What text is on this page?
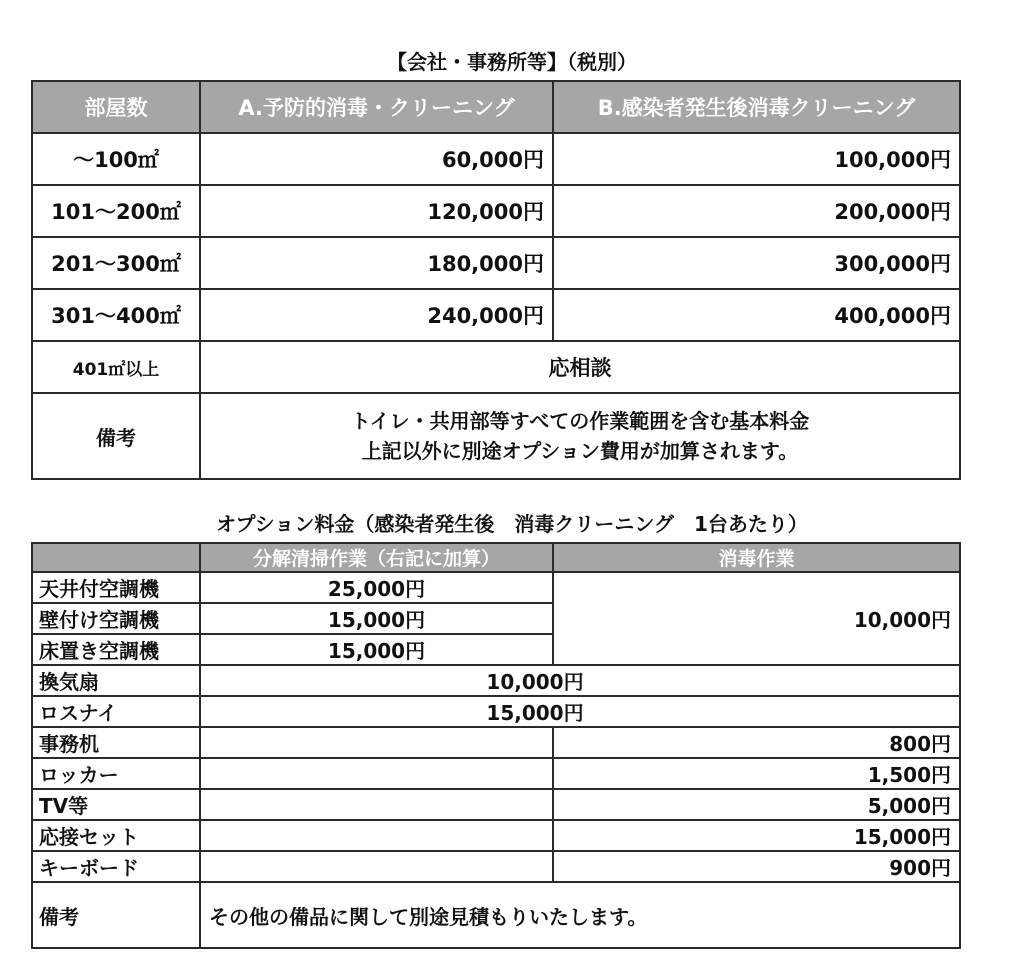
【会社・事務所等】（税別）
部屋数	A.予防的消毒・クリーニング	B.感染者発生後消毒クリーニング
～100㎡	60,000円	100,000円
101～200㎡	120,000円	200,000円
201～300㎡	180,000円	300,000円
301～400㎡	240,000円	400,000円
401㎡以上	応相談	
備考	トイレ・共用部等すべての作業範囲を含む基本料金
上記以外に別途オプション費用が加算されます。	
オプション料金（感染者発生後　消毒クリーニング　1台あたり）
	分解清掃作業（右記に加算）	消毒作業
天井付空調機	25,000円	10,000円
壁付け空調機	15,000円	
床置き空調機	15,000円	
換気扇	10,000円	
ロスナイ	15,000円	
事務机		800円
ロッカー		1,500円
TV等		5,000円
応接セット		15,000円
キーボード		900円
備考	その他の備品に関して別途見積もりいたします。	
